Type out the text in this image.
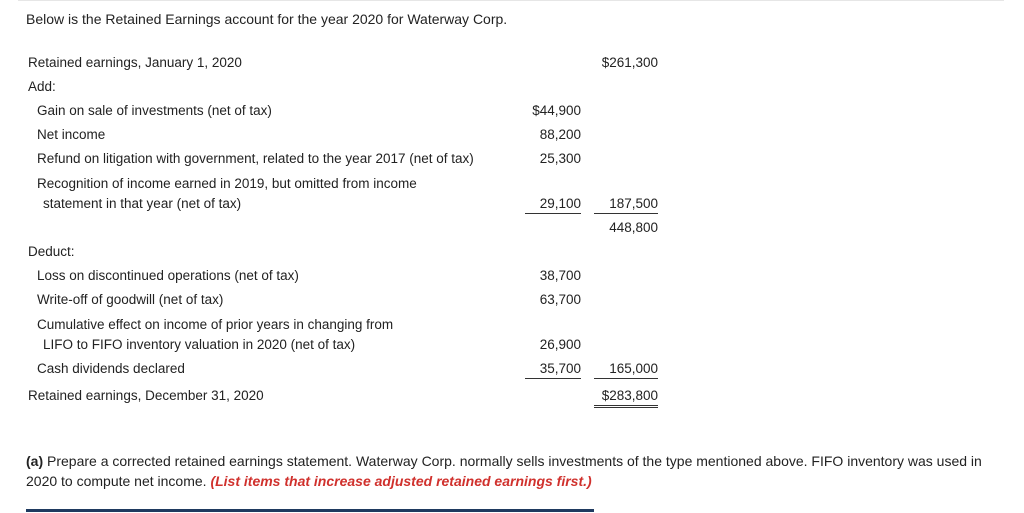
Below is the Retained Earnings account for the year 2020 for Waterway Corp.
Retained earnings, January 1, 2020	$261,300
Add:
Gain on sale of investments (net of tax)	$44,900
Net income	88,200
Refund on litigation with government, related to the year 2017 (net of tax)	25,300
Recognition of income earned in 2019, but omitted from income
statement in that year (net of tax)	29,100	187,500
448,800
Deduct:
Loss on discontinued operations (net of tax)	38,700
Write-off of goodwill (net of tax)	63,700
Cumulative effect on income of prior years in changing from
LIFO to FIFO inventory valuation in 2020 (net of tax)	26,900
Cash dividends declared	35,700	165,000
Retained earnings, December 31, 2020	$283,800
(a) Prepare a corrected retained earnings statement. Waterway Corp. normally sells investments of the type mentioned above. FIFO inventory was used in 2020 to compute net income. (List items that increase adjusted retained earnings first.)
